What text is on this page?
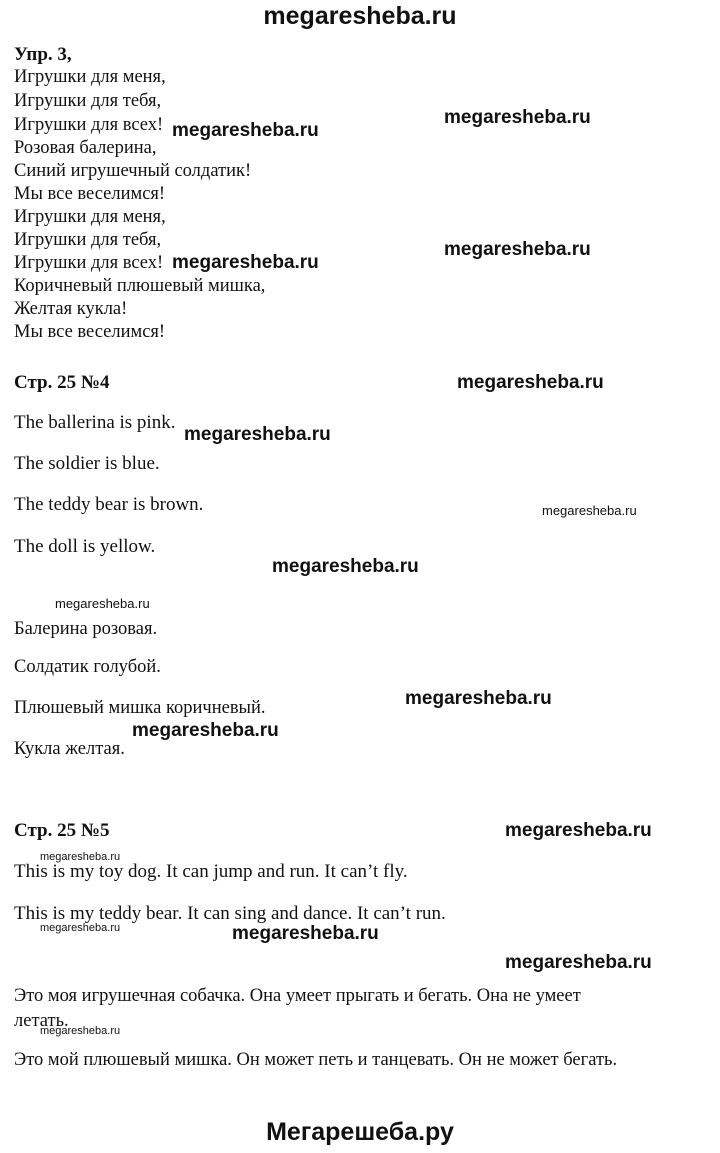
megaresheba.ru
Упр. 3,
Игрушки для меня,
Игрушки для тебя,
Игрушки для всех!
Розовая балерина,
Синий игрушечный солдатик!
Мы все веселимся!
Игрушки для меня,
Игрушки для тебя,
Игрушки для всех!
Коричневый плюшевый мишка,
Желтая кукла!
Мы все веселимся!
Стр. 25 №4
The ballerina is pink.
The soldier is blue.
The teddy bear is brown.
The doll is yellow.
Балерина розовая.
Солдатик голубой.
Плюшевый мишка коричневый.
Кукла желтая.
Стр. 25 №5
This is my toy dog. It can jump and run. It can’t fly.
This is my teddy bear. It can sing and dance. It can’t run.
Это моя игрушечная собачка. Она умеет прыгать и бегать. Она не умеет
летать.
Это мой плюшевый мишка. Он может петь и танцевать. Он не может бегать.
megaresheba.ru
megaresheba.ru
megaresheba.ru
megaresheba.ru
megaresheba.ru
megaresheba.ru
megaresheba.ru
megaresheba.ru
megaresheba.ru
megaresheba.ru
megaresheba.ru
megaresheba.ru
megaresheba.ru
megaresheba.ru	megaresheba.ru
megaresheba.ru
megaresheba.ru
Мегарешеба.ру
